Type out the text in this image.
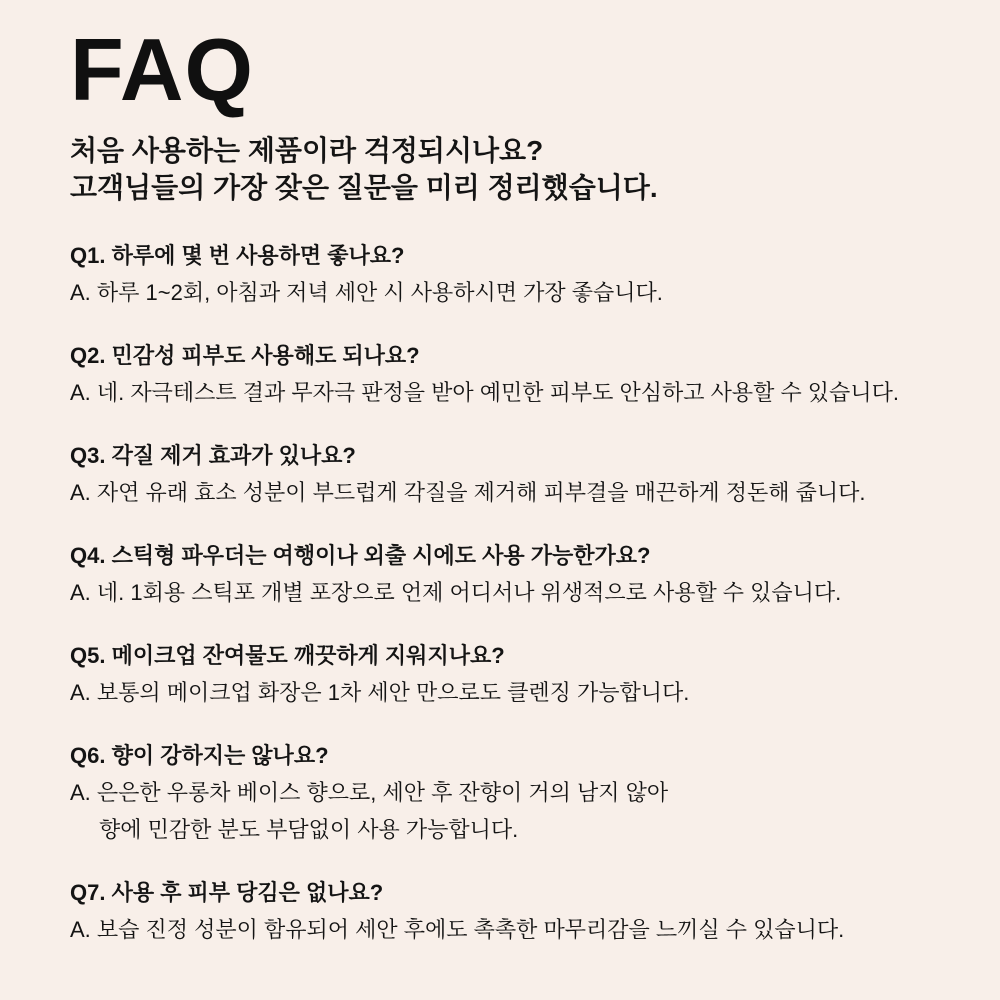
FAQ
처음 사용하는 제품이라 걱정되시나요?
고객님들의 가장 잦은 질문을 미리 정리했습니다.
Q1. 하루에 몇 번 사용하면 좋나요?
A. 하루 1~2회, 아침과 저녁 세안 시 사용하시면 가장 좋습니다.
Q2. 민감성 피부도 사용해도 되나요?
A. 네. 자극테스트 결과 무자극 판정을 받아 예민한 피부도 안심하고 사용할 수 있습니다.
Q3. 각질 제거 효과가 있나요?
A. 자연 유래 효소 성분이 부드럽게 각질을 제거해 피부결을 매끈하게 정돈해 줍니다.
Q4. 스틱형 파우더는 여행이나 외출 시에도 사용 가능한가요?
A. 네. 1회용 스틱포 개별 포장으로 언제 어디서나 위생적으로 사용할 수 있습니다.
Q5. 메이크업 잔여물도 깨끗하게 지워지나요?
A. 보통의 메이크업 화장은 1차 세안 만으로도 클렌징 가능합니다.
Q6. 향이 강하지는 않나요?
A. 은은한 우롱차 베이스 향으로, 세안 후 잔향이 거의 남지 않아
향에 민감한 분도 부담없이 사용 가능합니다.
Q7. 사용 후 피부 당김은 없나요?
A. 보습 진정 성분이 함유되어 세안 후에도 촉촉한 마무리감을 느끼실 수 있습니다.
